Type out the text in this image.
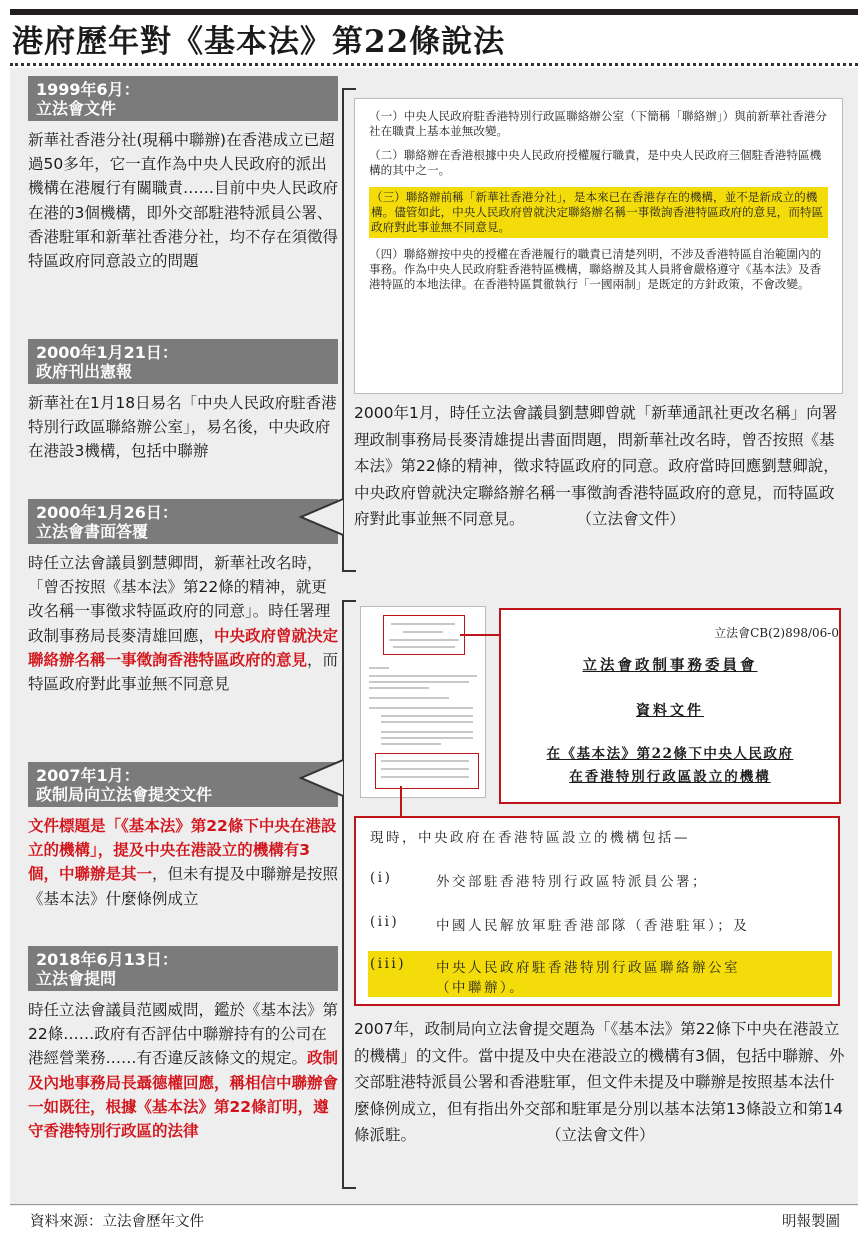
港府歷年對《基本法》第22條說法
1999年6月：
立法會文件
新華社香港分社(現稱中聯辦)在香港成立已超過50多年，它一直作為中央人民政府的派出機構在港履行有關職責……目前中央人民政府在港的3個機構，即外交部駐港特派員公署、香港駐軍和新華社香港分社，均不存在須徵得特區政府同意設立的問題
2000年1月21日：
政府刊出憲報
新華社在1月18日易名「中央人民政府駐香港特別行政區聯絡辦公室」，易名後，中央政府在港設3機構，包括中聯辦
2000年1月26日：
立法會書面答覆
時任立法會議員劉慧卿問，新華社改名時，「曾否按照《基本法》第22條的精神，就更改名稱一事徵求特區政府的同意」。時任署理政制事務局長麥清雄回應，中央政府曾就決定聯絡辦名稱一事徵詢香港特區政府的意見，而特區政府對此事並無不同意見
2007年1月：
政制局向立法會提交文件
文件標題是「《基本法》第22條下中央在港設立的機構」，提及中央在港設立的機構有3個，中聯辦是其一，但未有提及中聯辦是按照《基本法》什麼條例成立
2018年6月13日：
立法會提問
時任立法會議員范國威問，鑑於《基本法》第22條……政府有否評估中聯辦持有的公司在港經營業務……有否違反該條文的規定。政制及內地事務局長聶德權回應，稱相信中聯辦會一如既往，根據《基本法》第22條訂明，遵守香港特別行政區的法律

（一）中央人民政府駐香港特別行政區聯絡辦公室（下簡稱「聯絡辦」）與前新華社香港分社在職責上基本並無改變。

（二）聯絡辦在香港根據中央人民政府授權履行職責，是中央人民政府三個駐香港特區機構的其中之一。

（三）聯絡辦前稱「新華社香港分社」，是本來已在香港存在的機構，並不是新成立的機構。儘管如此，中央人民政府曾就決定聯絡辦名稱一事徵詢香港特區政府的意見，而特區政府對此事並無不同意見。

（四）聯絡辦按中央的授權在香港履行的職責已清楚列明，不涉及香港特區自治範圍內的事務。作為中央人民政府駐香港特區機構，聯絡辦及其人員將會嚴格遵守《基本法》及香港特區的本地法律。在香港特區貫徹執行「一國兩制」是既定的方針政策，不會改變。

2000年1月，時任立法會議員劉慧卿曾就「新華通訊社更改名稱」向署理政制事務局長麥清雄提出書面問題，問新華社改名時，曾否按照《基本法》第22條的精神，徵求特區政府的同意。政府當時回應劉慧卿說，中央政府曾就決定聯絡辦名稱一事徵詢香港特區政府的意見，而特區政府對此事並無不同意見。	（立法會文件）
立法會CB(2)898/06-0
立法會政制事務委員會
資料文件
在《基本法》第22條下中央人民政府
在香港特別行政區設立的機構
現時，中央政府在香港特區設立的機構包括—
(i)	外交部駐香港特別行政區特派員公署；
(ii)	中國人民解放軍駐香港部隊（香港駐軍）；及
(iii) 中央人民政府駐香港特別行政區聯絡辦公室
（中聯辦）。
2007年，政制局向立法會提交題為「《基本法》第22條下中央在港設立的機構」的文件。當中提及中央在港設立的機構有3個，包括中聯辦、外交部駐港特派員公署和香港駐軍，但文件未提及中聯辦是按照基本法什麼條例成立，但有指出外交部和駐軍是分別以基本法第13條設立和第14條派駐。	（立法會文件）
資料來源：立法會歷年文件	明報製圖
